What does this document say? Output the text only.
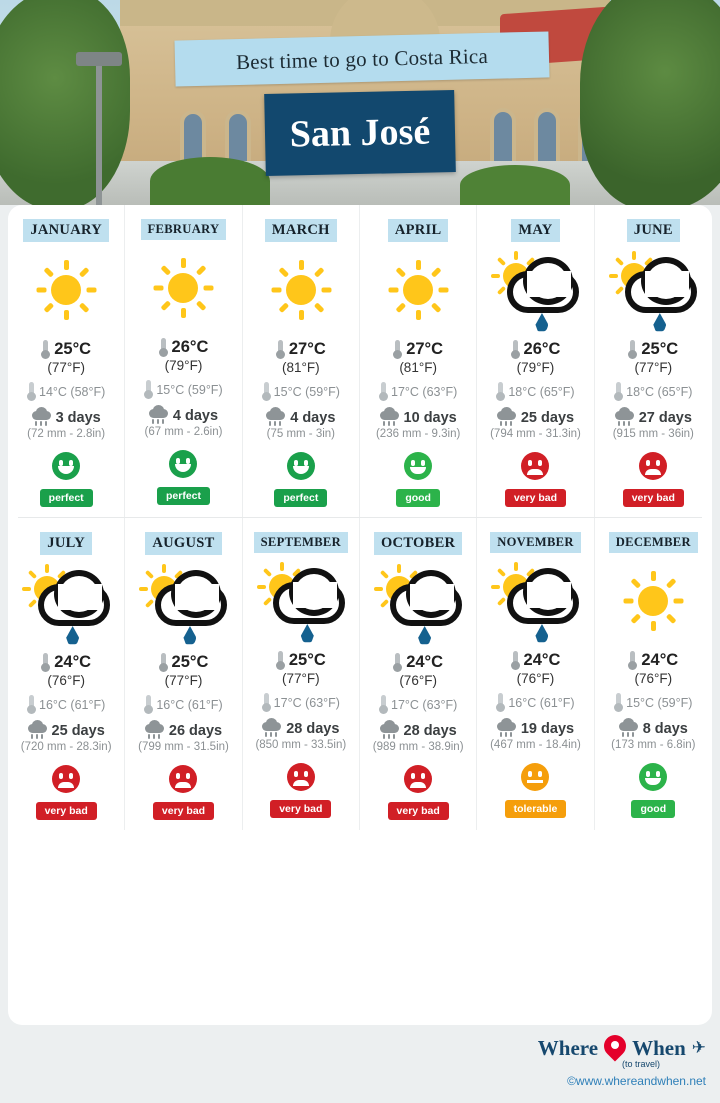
Best time to go to Costa Rica
San José
JANUARY
25°C
(77°F)
14°C (58°F)
3 days
(72 mm - 2.8in)
perfect
FEBRUARY
26°C
(79°F)
15°C (59°F)
4 days
(67 mm - 2.6in)
perfect
MARCH
27°C
(81°F)
15°C (59°F)
4 days
(75 mm - 3in)
perfect
APRIL
27°C
(81°F)
17°C (63°F)
10 days
(236 mm - 9.3in)
good
MAY
26°C
(79°F)
18°C (65°F)
25 days
(794 mm - 31.3in)
very bad
JUNE
25°C
(77°F)
18°C (65°F)
27 days
(915 mm - 36in)
very bad
JULY
24°C
(76°F)
16°C (61°F)
25 days
(720 mm - 28.3in)
very bad
AUGUST
25°C
(77°F)
16°C (61°F)
26 days
(799 mm - 31.5in)
very bad
SEPTEMBER
25°C
(77°F)
17°C (63°F)
28 days
(850 mm - 33.5in)
very bad
OCTOBER
24°C
(76°F)
17°C (63°F)
28 days
(989 mm - 38.9in)
very bad
NOVEMBER
24°C
(76°F)
16°C (61°F)
19 days
(467 mm - 18.4in)
tolerable
DECEMBER
24°C
(76°F)
15°C (59°F)
8 days
(173 mm - 6.8in)
good
Where When ✈
(to travel)
©www.whereandwhen.net
